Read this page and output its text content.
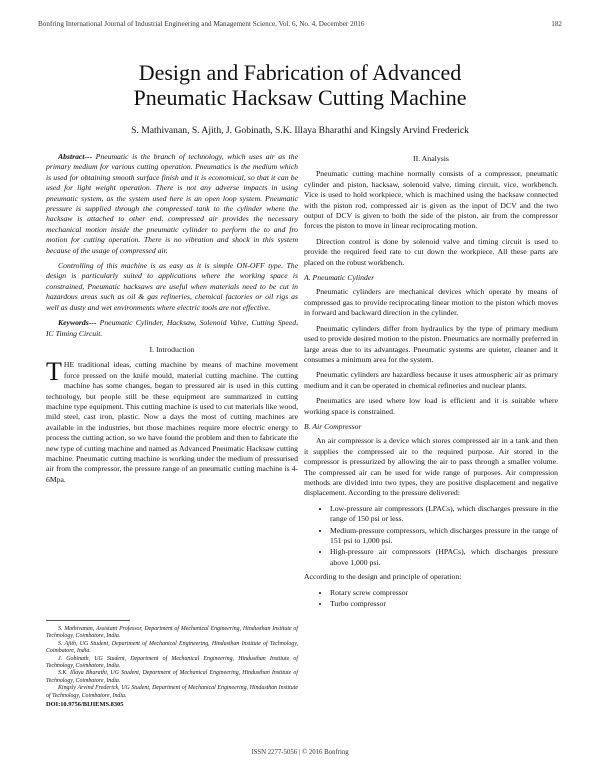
Bonfring International Journal of Industrial Engineering and Management Science, Vol. 6, No. 4, December 2016	182
Design and Fabrication of Advanced
Pneumatic Hacksaw Cutting Machine
S. Mathivanan, S. Ajith, J. Gobinath, S.K. Illaya Bharathi and Kingsly Arvind Frederick

Abstract--- Pneumatic is the branch of technology, which uses air as the primary medium for various cutting operation. Pneumatics is the medium which is used for obtaining smooth surface finish and it is economical, so that it can be used for light weight operation. There is not any adverse impacts in using pneumatic system, as the system used here is an open loop system. Pneumatic pressure is supplied through the compressed tank to the cylinder where the hacksaw is attached to other end, compressed air provides the necessary mechanical motion inside the pneumatic cylinder to perform the to and fro motion for cutting operation. There is no vibration and shock in this system because of the usage of compressed air.

Controlling of this machine is as easy as it is simple ON-OFF type. The design is particularly suited to applications where the working space is constrained, Pneumatic hacksaws are useful when materials need to be cut in hazardous areas such as oil & gas refineries, chemical factories or oil rigs as well as dusty and wet environments where electric tools are not effective.

Keywords--- Pneumatic Cylinder, Hacksaw, Solenoid Valve, Cutting Speed, IC Timing Circuit.

I. Introduction

THE traditional ideas, cutting machine by means of machine movement force pressed on the knife mould, material cutting machine. The cutting machine has some changes, began to pressured air is used in this cutting technology, but people still be these equipment are summarized in cutting machine type equipment. This cutting machine is used to cut materials like wood, mild steel, cast iron, plastic. Now a days the most of cutting machines are available in the industries, but those machines require more electric energy to process the cutting action, so we have found the problem and then to fabricate the new type of cutting machine and named as Advanced Pneumatic Hacksaw cutting machine. Pneumatic cutting machine is working under the medium of pressurised air from the compressor, the pressure range of an pneumatic cutting machine is 4-6Mpa.

S. Mathivanan, Assistant Professor, Department of Mechanical Engineering, Hindusthan Institute of Technology, Coimbatore, India.
S. Ajith, UG Student, Department of Mechanical Engineering, Hindusthan Institute of Technology, Coimbatore, India.
J. Gobinath, UG Student, Department of Mechanical Engineering, Hindusthan Institute of Technology, Coimbatore, India.
S.K. Illaya Bharathi, UG Student, Department of Mechanical Engineering, Hindusthan Institute of Technology, Coimbatore, India.
Kingsly Arvind Frederick, UG Student, Department of Mechanical Engineering, Hindusthan Institute of Technology, Coimbatore, India.
DOI:10.9756/BIJIEMS.8305
II. Analysis

Pneumatic cutting machine normally consists of a compressor, pneumatic cylinder and piston, hacksaw, solenoid valve, timing circuit, vice, workbench. Vice is used to hold workpiece, which is machined using the hacksaw connected with the piston rod, compressed air is given as the input of DCV and the two output of DCV is given to both the side of the piston, air from the compressor forces the piston to move in linear reciprocating motion.

Direction control is done by solenoid valve and timing circuit is used to provide the required feed rate to cut down the workpiece. All these parts are placed on the robust workbench.

A. Pneumatic Cylinder

Pneumatic cylinders are mechanical devices which operate by means of compressed gas to provide reciprocating linear motion to the piston which moves in forward and backward direction in the cylinder.

Pneumatic cylinders differ from hydraulics by the type of primary medium used to provide desired motion to the piston. Pneumatics are normally preferred in large areas due to its advantages. Pneumatic systems are quieter, cleaner and it consumes a minimum area for the system.

Pneumatic cylinders are hazardless because it uses atmospheric air as primary medium and it can be operated in chemical refineries and nuclear plants.

Pneumatics are used where low load is efficient and it is suitable where working space is constrained.

B. Air Compressor

An air compressor is a device which stores compressed air in a tank and then it supplies the compressed air to the required purpose. Air stored in the compressor is pressurized by allowing the air to pass through a smaller volume. The compressed air can be used for wide range of purposes. Air compression methods are divided into two types, they are positive displacement and negative displacement. According to the pressure delivered:

• Low-pressure air compressors (LPACs), which discharges pressure in the range of 150 psi or less.
• Medium-pressure compressors, which discharges pressure in the range of 151 psi to 1,000 psi.
• High-pressure air compressors (HPACs), which discharges pressure above 1,000 psi.

According to the design and principle of operation:

• Rotary screw compressor
• Turbo compressor
ISSN 2277-5056 | © 2016 Bonfring
